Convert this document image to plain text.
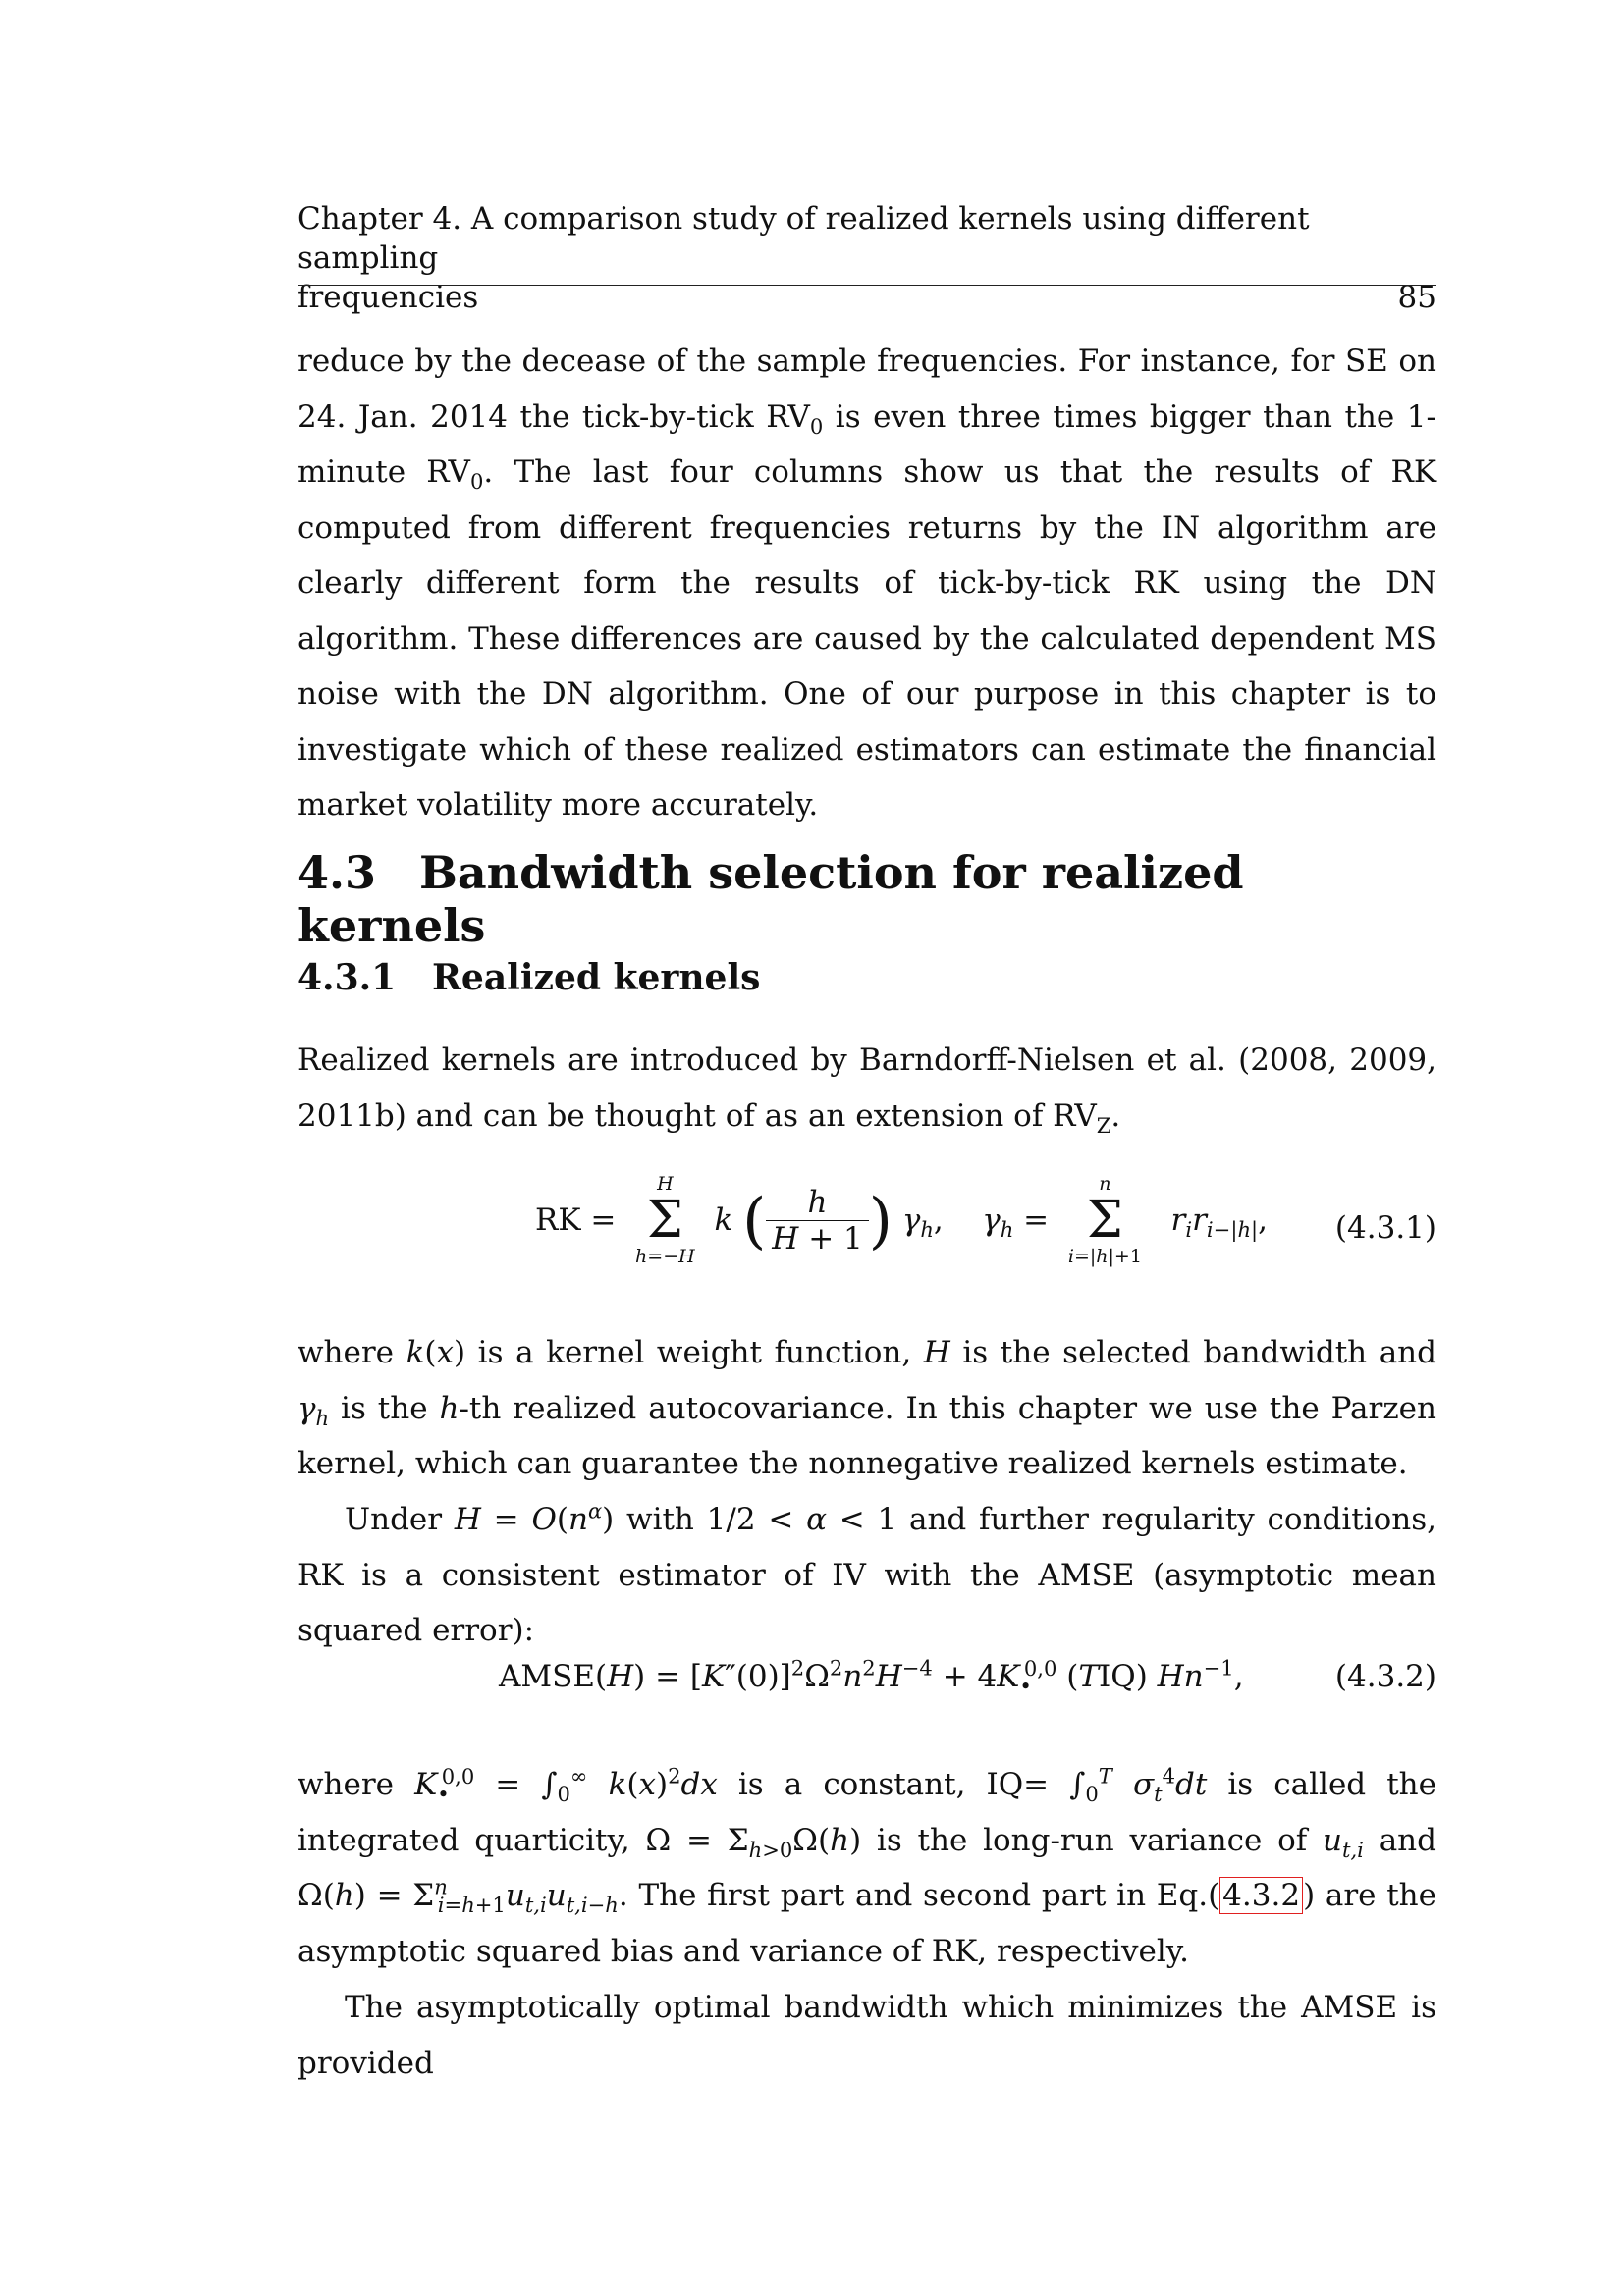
Chapter 4. A comparison study of realized kernels using different sampling
frequencies	85

reduce by the decease of the sample frequencies. For instance, for SE on 24. Jan. 2014 the tick-by-tick $RV_0$ is even three times bigger than the 1-minute $RV_0$. The last four columns show us that the results of RK computed from different frequencies returns by the IN algorithm are clearly different form the results of tick-by-tick RK using the DN algorithm. These differences are caused by the calculated dependent MS noise with the DN algorithm. One of our purpose in this chapter is to investigate which of these realized estimators can estimate the financial market volatility more accurately.

4.3 Bandwidth selection for realized kernels
4.3.1 Realized kernels

Realized kernels are introduced by Barndorff-Nielsen et al. (2008, 2009, 2011b) and can be thought of as an extension of $RV_Z$.

RK =
H
Σ
h=−H
k ( $\frac{h}{H + 1}$ ) $\gamma_h$,    $\gamma_h$ =
n
Σ
i=|h|+1
$r_ir_{i-|h|}$, (4.3.1)

where k(x) is a kernel weight function, H is the selected bandwidth and $\gamma_h$ is the h-th realized autocovariance. In this chapter we use the Parzen kernel, which can guarantee the nonnegative realized kernels estimate.

Under $H = O(n^\alpha)$ with 1/2 < α < 1 and further regularity conditions, RK is a consistent estimator of IV with the AMSE (asymptotic mean squared error):

AMSE(H) = $[K''(0)]^2\Omega^2n^2H^{-4} + 4K_•^{0,0}$ (TIQ) $Hn^{-1}$,	(4.3.2)

where $K_•^{0,0} = \int_0^\infty$ $k(x)^2dx$ is a constant, $IQ= \int_0^T$ $\sigma_t^4dt$ is called the integrated quarticity, $\Omega = \Sigma_{h>0}\Omega(h)$ is the long-run variance of $u_{t,i}$ and $\Omega(h) = \Sigma^n_{i=h+1}u_{t,i}u_{t,i-h}$. The first part and second part in Eq.(4.3.2) are the asymptotic squared bias and variance of RK, respectively.

The asymptotically optimal bandwidth which minimizes the AMSE is provided
